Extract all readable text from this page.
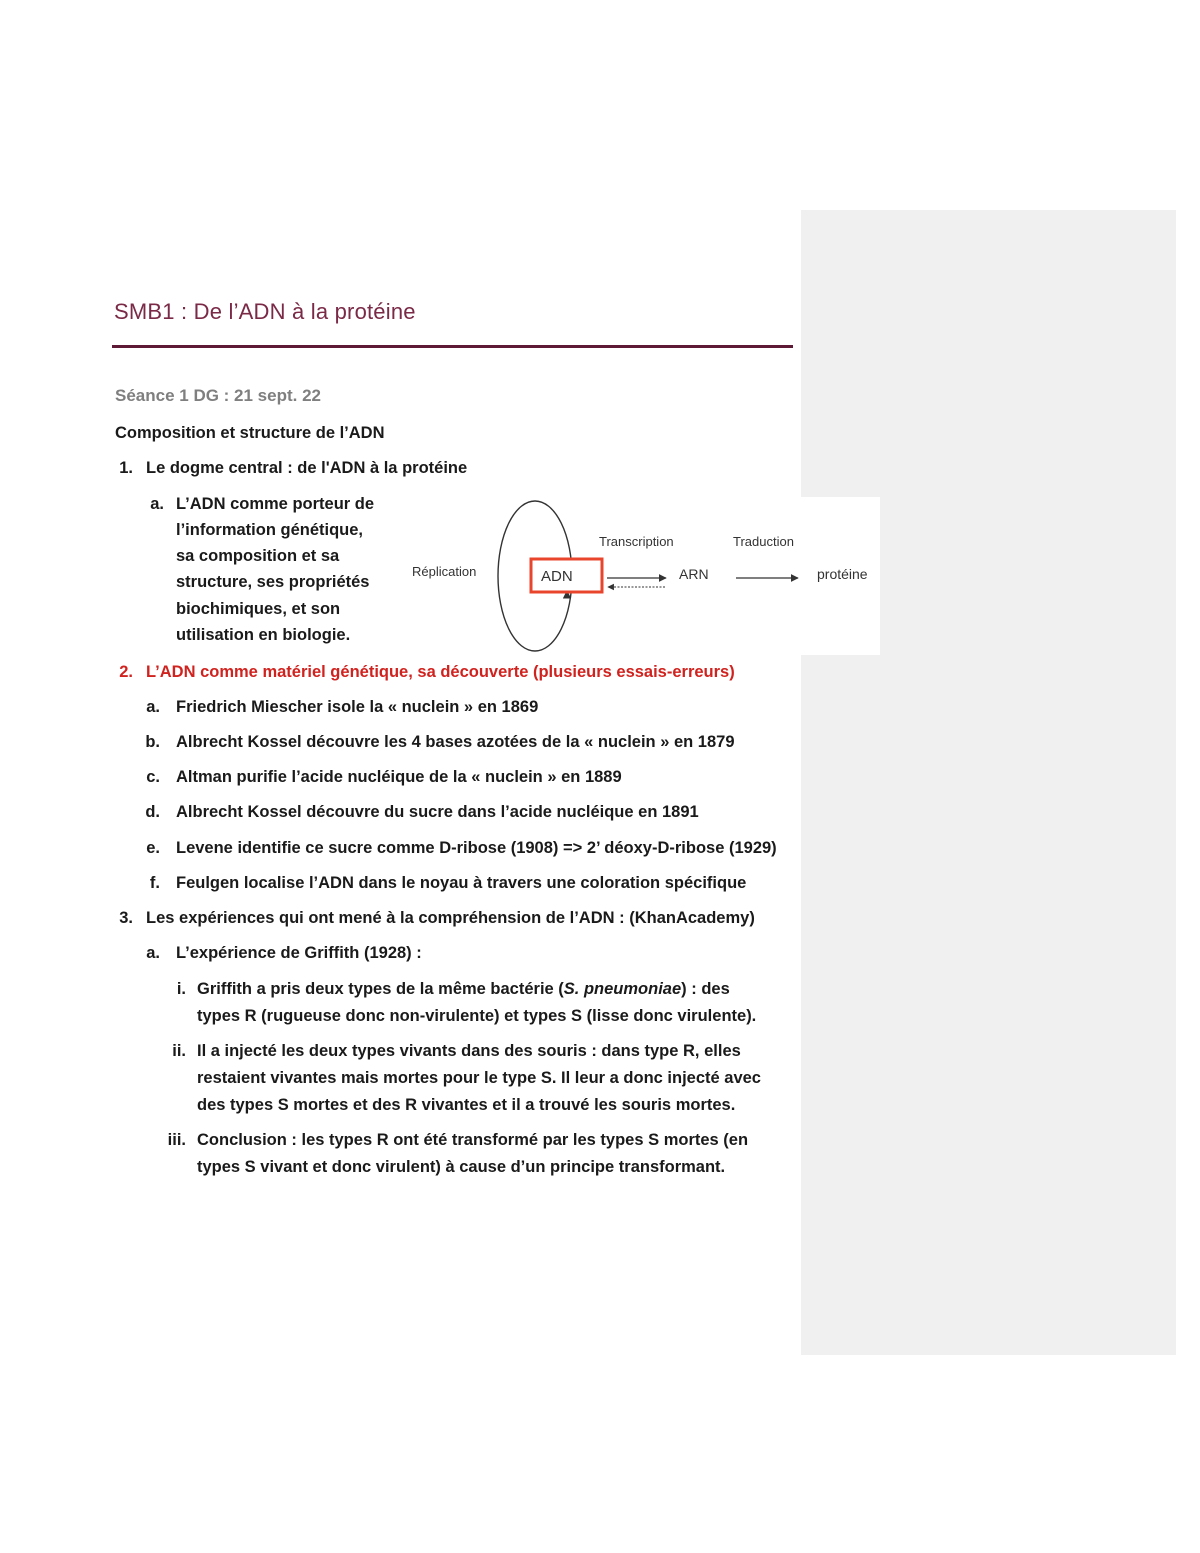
SMB1 : De l’ADN à la protéine
Séance 1 DG : 21 sept. 22
Composition et structure de l’ADN
1. Le dogme central : de l'ADN à la protéine
a. L’ADN comme porteur de
l’information génétique,
sa composition et sa
structure, ses propriétés
biochimiques, et son
utilisation en biologie.
Réplication	ADN
Transcription
ARN
Traduction
protéine
2. L’ADN comme matériel génétique, sa découverte (plusieurs essais-erreurs)
a. Friedrich Miescher isole la « nuclein » en 1869
b. Albrecht Kossel découvre les 4 bases azotées de la « nuclein » en 1879
c. Altman purifie l’acide nucléique de la « nuclein » en 1889
d. Albrecht Kossel découvre du sucre dans l’acide nucléique en 1891
e. Levene identifie ce sucre comme D-ribose (1908) => 2’ déoxy-D-ribose (1929)
f. Feulgen localise l’ADN dans le noyau à travers une coloration spécifique
3. Les expériences qui ont mené à la compréhension de l’ADN : (KhanAcademy)
a. L’expérience de Griffith (1928) :
i. Griffith a pris deux types de la même bactérie (S. pneumoniae) : des
types R (rugueuse donc non-virulente) et types S (lisse donc virulente).
ii. Il a injecté les deux types vivants dans des souris : dans type R, elles
restaient vivantes mais mortes pour le type S. Il leur a donc injecté avec
des types S mortes et des R vivantes et il a trouvé les souris mortes.
iii. Conclusion : les types R ont été transformé par les types S mortes (en
types S vivant et donc virulent) à cause d’un principe transformant.
